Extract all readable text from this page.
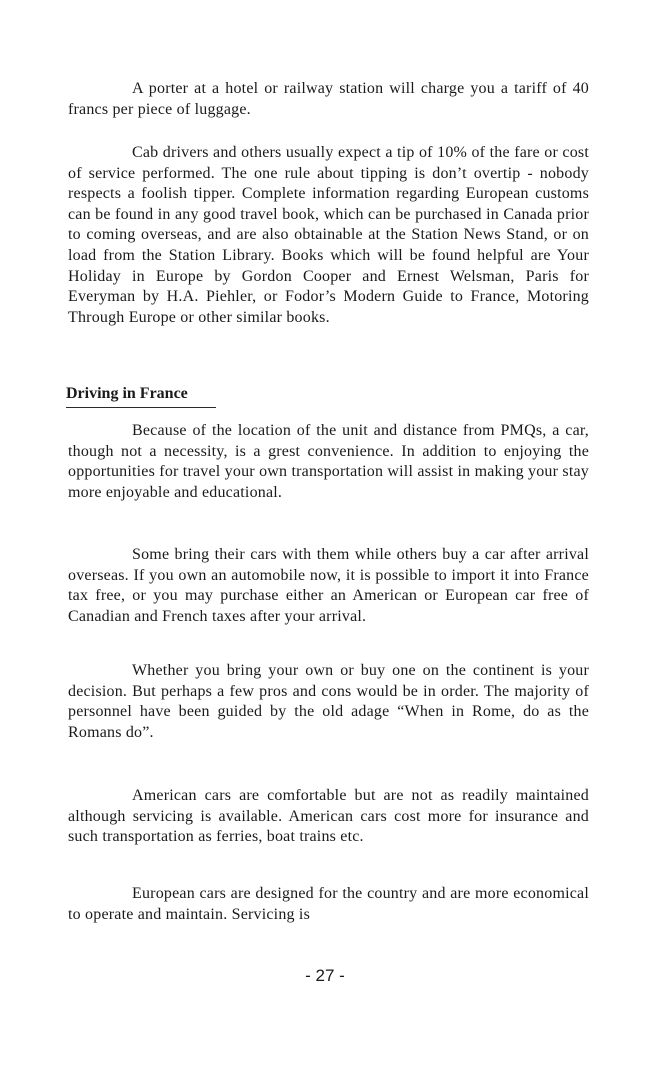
A porter at a hotel or railway station will charge you a tariff of 40 francs per piece of luggage.

Cab drivers and others usually expect a tip of 10% of the fare or cost of service performed. The one rule about tipping is don’t overtip - nobody respects a foolish tipper. Complete information regarding European customs can be found in any good travel book, which can be purchased in Canada prior to coming overseas, and are also obtainable at the Station News Stand, or on load from the Station Library. Books which will be found helpful are Your Holiday in Europe by Gordon Cooper and Ernest Welsman, Paris for Everyman by H.A. Piehler, or Fodor’s Modern Guide to France, Motoring Through Europe or other similar books.

Driving in France

Because of the location of the unit and distance from PMQs, a car, though not a necessity, is a grest convenience. In addition to enjoying the opportunities for travel your own transportation will assist in making your stay more enjoyable and educational.

Some bring their cars with them while others buy a car after arrival overseas. If you own an automobile now, it is possible to import it into France tax free, or you may purchase either an American or European car free of Canadian and French taxes after your arrival.

Whether you bring your own or buy one on the continent is your decision. But perhaps a few pros and cons would be in order. The majority of personnel have been guided by the old adage “When in Rome, do as the Romans do”.

American cars are comfortable but are not as readily maintained although servicing is available. American cars cost more for insurance and such transportation as ferries, boat trains etc.

European cars are designed for the country and are more economical to operate and maintain. Servicing is

- 27 -
